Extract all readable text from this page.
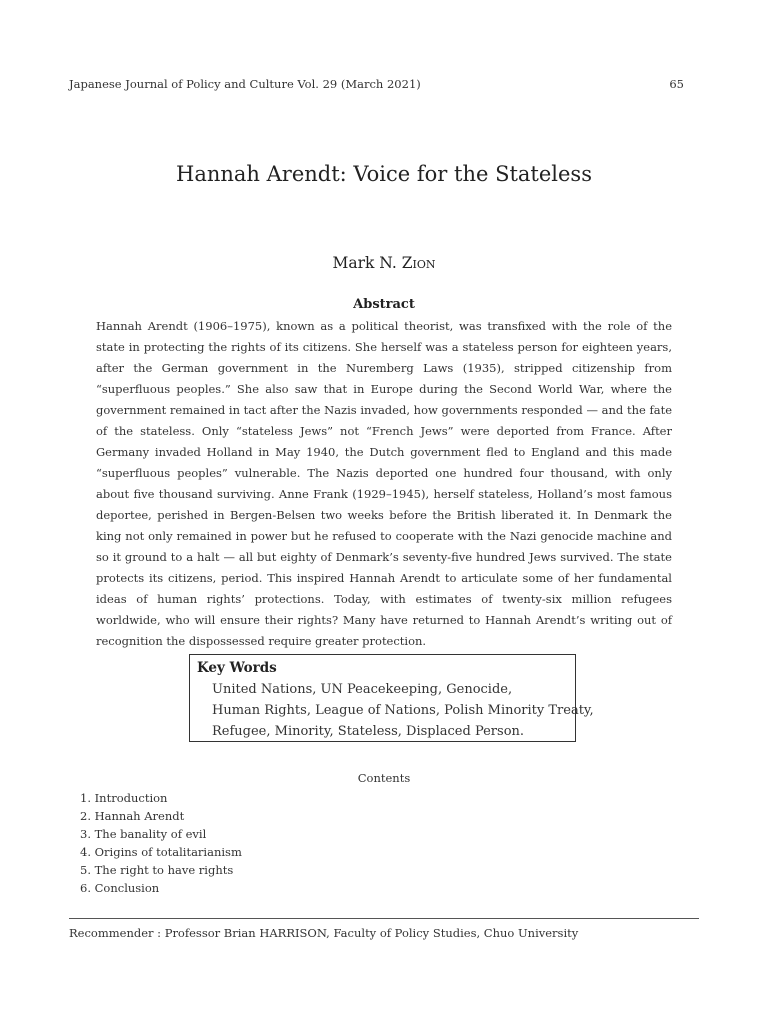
Japanese Journal of Policy and Culture Vol. 29 (March 2021)	65
Hannah Arendt: Voice for the Stateless
Mark N. Zion
Abstract

Hannah Arendt (1906–1975), known as a political theorist, was transfixed with the role of the state in protecting the rights of its citizens. She herself was a stateless person for eighteen years, after the German government in the Nuremberg Laws (1935), stripped citizenship from “superfluous peoples.” She also saw that in Europe during the Second World War, where the government remained in tact after the Nazis invaded, how governments responded — and the fate of the stateless. Only “stateless Jews” not “French Jews” were deported from France. After Germany invaded Holland in May 1940, the Dutch government fled to England and this made “superfluous peoples” vulnerable. The Nazis deported one hundred four thousand, with only about five thousand surviving. Anne Frank (1929–1945), herself stateless, Holland’s most famous deportee, perished in Bergen-Belsen two weeks before the British liberated it. In Denmark the king not only remained in power but he refused to cooperate with the Nazi genocide machine and so it ground to a halt — all but eighty of Denmark’s seventy-five hundred Jews survived. The state protects its citizens, period. This inspired Hannah Arendt to articulate some of her fundamental ideas of human rights’ protections. Today, with estimates of twenty-six million refugees worldwide, who will ensure their rights? Many have returned to Hannah Arendt’s writing out of recognition the dispossessed require greater protection.

Key Words
United Nations, UN Peacekeeping, Genocide,
Human Rights, League of Nations, Polish Minority Treaty,
Refugee, Minority, Stateless, Displaced Person.
Contents
1. Introduction
2. Hannah Arendt
3. The banality of evil
4. Origins of totalitarianism
5. The right to have rights
6. Conclusion
Recommender : Professor Brian HARRISON, Faculty of Policy Studies, Chuo University
